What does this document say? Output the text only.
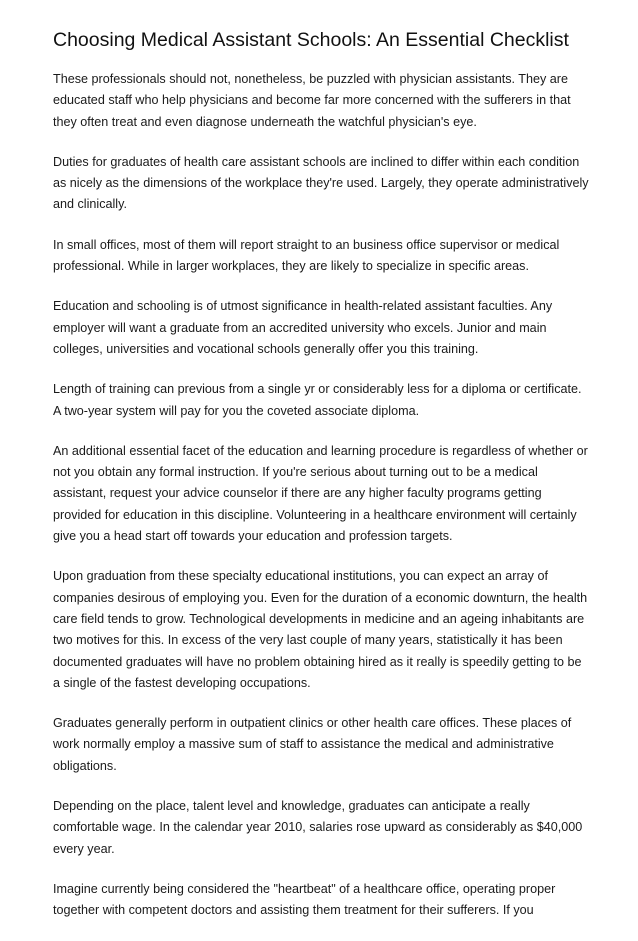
Choosing Medical Assistant Schools: An Essential Checklist

These professionals should not, nonetheless, be puzzled with physician assistants. They are educated staff who help physicians and become far more concerned with the sufferers in that they often treat and even diagnose underneath the watchful physician's eye.

Duties for graduates of health care assistant schools are inclined to differ within each condition as nicely as the dimensions of the workplace they're used. Largely, they operate administratively and clinically.

In small offices, most of them will report straight to an business office supervisor or medical professional. While in larger workplaces, they are likely to specialize in specific areas.

Education and schooling is of utmost significance in health-related assistant faculties. Any employer will want a graduate from an accredited university who excels. Junior and main colleges, universities and vocational schools generally offer you this training.

Length of training can previous from a single yr or considerably less for a diploma or certificate. A two-year system will pay for you the coveted associate diploma.

An additional essential facet of the education and learning procedure is regardless of whether or not you obtain any formal instruction. If you're serious about turning out to be a medical assistant, request your advice counselor if there are any higher faculty programs getting provided for education in this discipline. Volunteering in a healthcare environment will certainly give you a head start off towards your education and profession targets.

Upon graduation from these specialty educational institutions, you can expect an array of companies desirous of employing you. Even for the duration of a economic downturn, the health care field tends to grow. Technological developments in medicine and an ageing inhabitants are two motives for this. In excess of the very last couple of many years, statistically it has been documented graduates will have no problem obtaining hired as it really is speedily getting to be a single of the fastest developing occupations.

Graduates generally perform in outpatient clinics or other health care offices. These places of work normally employ a massive sum of staff to assistance the medical and administrative obligations.

Depending on the place, talent level and knowledge, graduates can anticipate a really comfortable wage. In the calendar year 2010, salaries rose upward as considerably as $40,000 every year.

Imagine currently being considered the "heartbeat" of a healthcare office, operating proper together with competent doctors and assisting them treatment for their sufferers. If you
